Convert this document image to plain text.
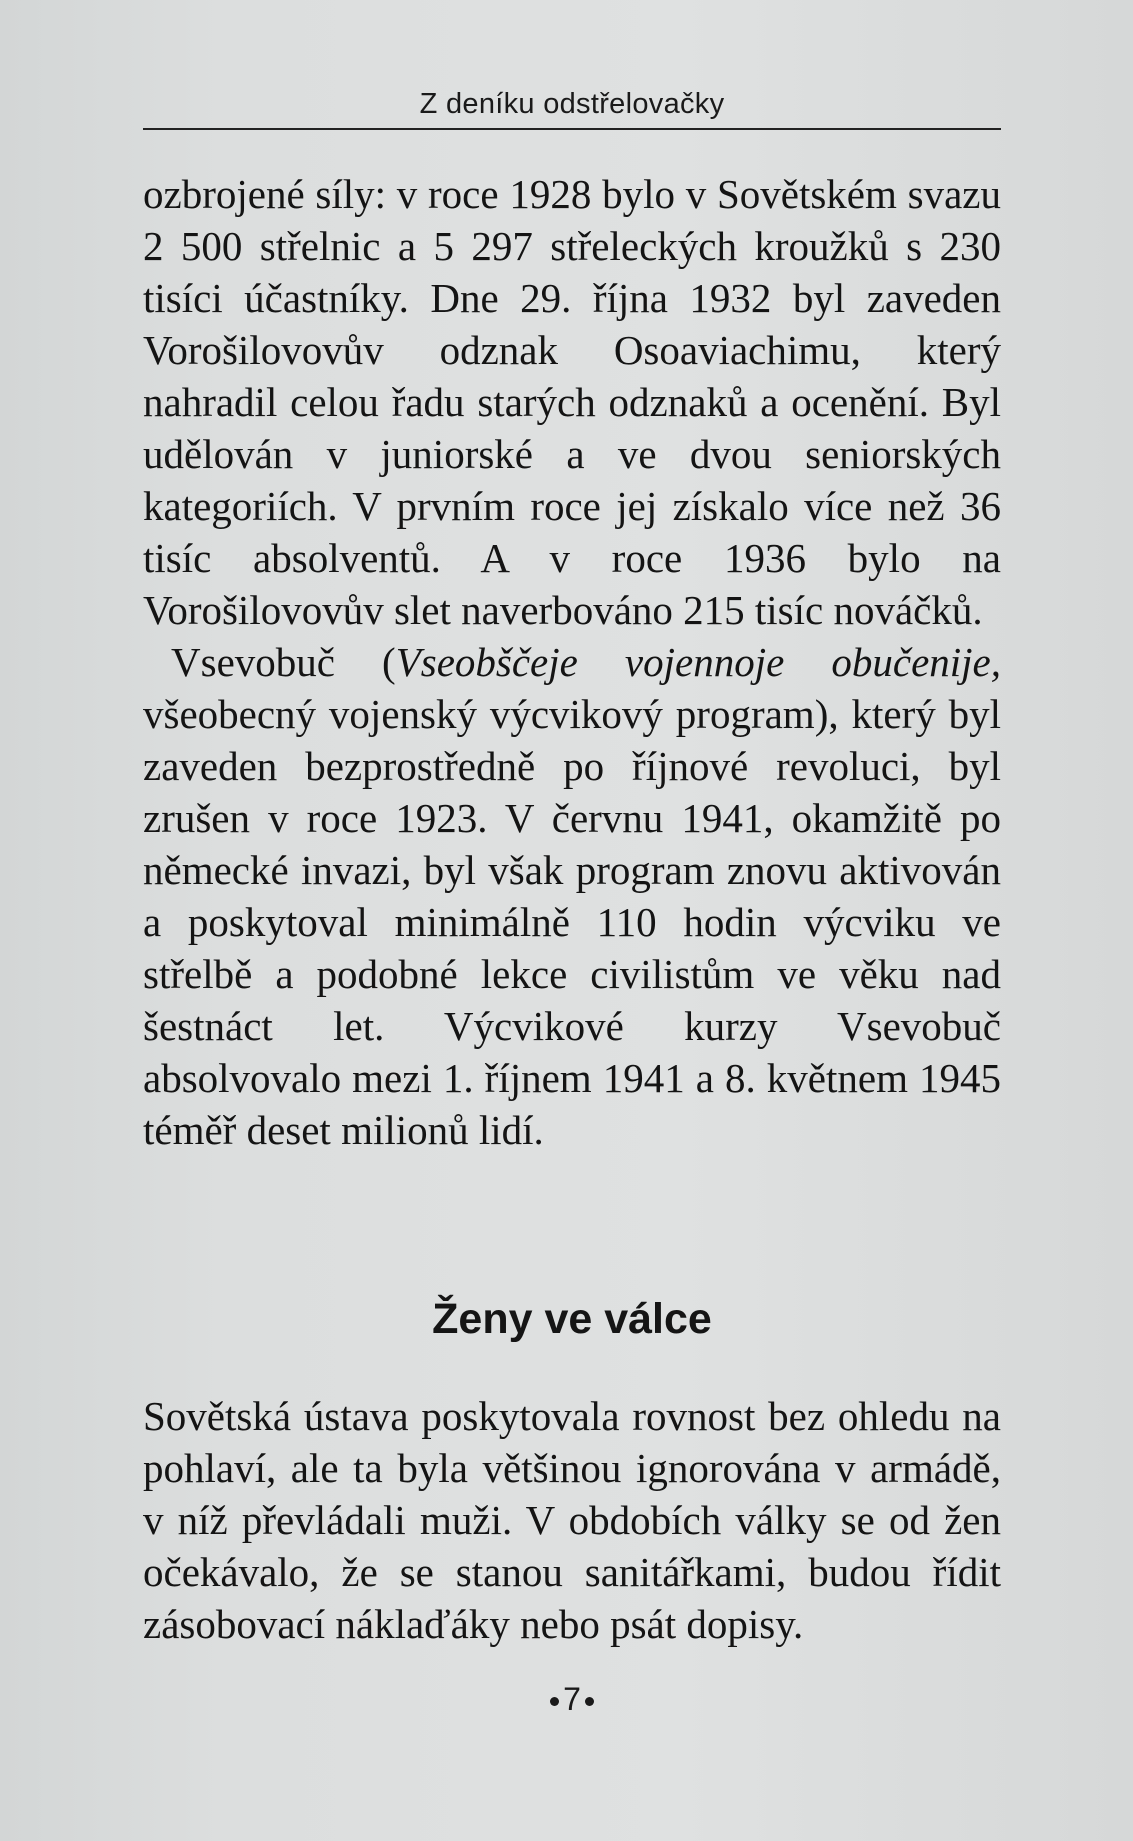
Z deníku odstřelovačky

ozbrojené síly: v roce 1928 bylo v Sovětském svazu 2 500 střelnic a 5 297 střeleckých kroužků s 230 tisíci účastníky. Dne 29. října 1932 byl zaveden Vorošilovovův odznak Osoaviachimu, který nahradil celou řadu starých odznaků a ocenění. Byl udělován v juniorské a ve dvou seniorských kategoriích. V prvním roce jej získalo více než 36 tisíc absolventů. A v roce 1936 bylo na Vorošilovovův slet naverbováno 215 tisíc nováčků.

Vsevobuč (Vseobščeje vojennoje obučenije, všeobecný vojenský výcvikový program), který byl zaveden bezprostředně po říjnové revoluci, byl zrušen v roce 1923. V červnu 1941, okamžitě po německé invazi, byl však program znovu aktivován a poskytoval minimálně 110 hodin výcviku ve střelbě a podobné lekce civilistům ve věku nad šestnáct let. Výcvikové kurzy Vsevobuč absolvovalo mezi 1. říjnem 1941 a 8. květnem 1945 téměř deset milionů lidí.

Ženy ve válce

Sovětská ústava poskytovala rovnost bez ohledu na pohlaví, ale ta byla většinou ignorována v armádě, v níž převládali muži. V obdobích války se od žen očekávalo, že se stanou sanitářkami, budou řídit zásobovací náklaďáky nebo psát dopisy.

7
